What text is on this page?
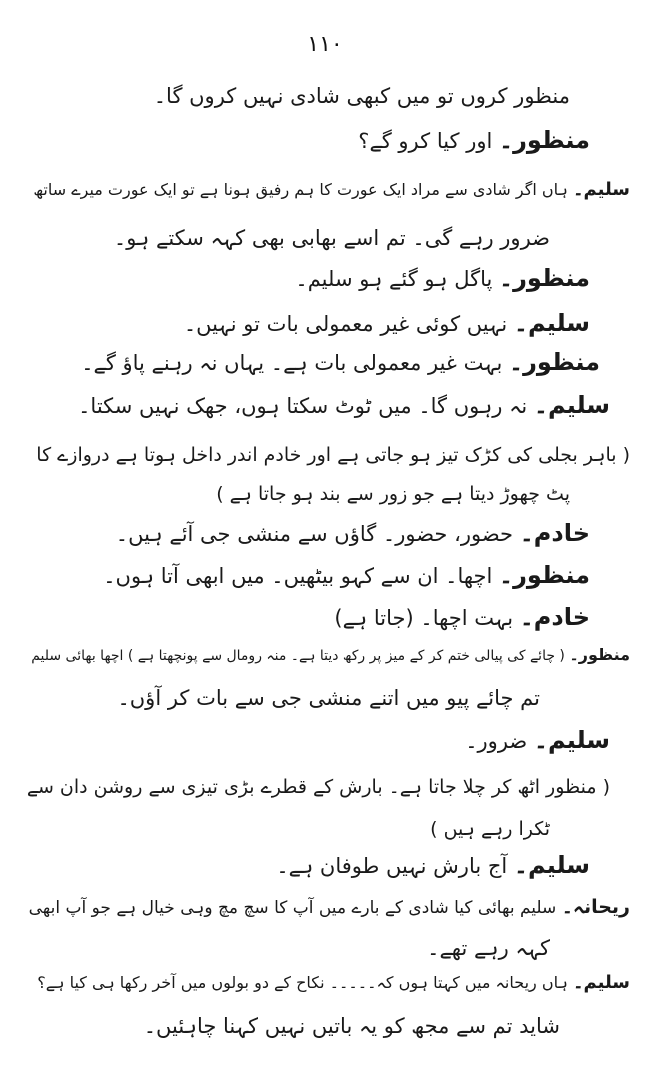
۱۱۰
منظور کروں تو میں کبھی شادی نہیں کروں گا۔
منظور۔ اور کیا کرو گے؟
سلیم۔ ہاں اگر شادی سے مراد ایک عورت کا ہم رفیق ہونا ہے تو ایک عورت میرے ساتھ
ضرور رہے گی۔ تم اسے بھابی بھی کہہ سکتے ہو۔
منظور۔ پاگل ہو گئے ہو سلیم۔
سلیم۔ نہیں کوئی غیر معمولی بات تو نہیں۔
منظور۔ بہت غیر معمولی بات ہے۔ یہاں نہ رہنے پاؤ گے۔
سلیم۔ نہ رہوں گا۔ میں ٹوٹ سکتا ہوں، جھک نہیں سکتا۔
( باہر بجلی کی کڑک تیز ہو جاتی ہے اور خادم اندر داخل ہوتا ہے دروازے کا
پٹ چھوڑ دیتا ہے جو زور سے بند ہو جاتا ہے )
خادم۔ حضور، حضور۔ گاؤں سے منشی جی آئے ہیں۔
منظور۔ اچھا۔ ان سے کہو بیٹھیں۔ میں ابھی آتا ہوں۔
خادم۔ بہت اچھا۔ (جاتا ہے)
منظور۔ ( چائے کی پیالی ختم کر کے میز پر رکھ دیتا ہے۔ منہ رومال سے پونچھتا ہے ) اچھا بھائی سلیم
تم چائے پیو میں اتنے منشی جی سے بات کر آؤں۔
سلیم۔ ضرور۔
( منظور اٹھ کر چلا جاتا ہے۔ بارش کے قطرے بڑی تیزی سے روشن دان سے
ٹکرا رہے ہیں )
سلیم۔ آج بارش نہیں طوفان ہے۔
ریحانہ۔ سلیم بھائی کیا شادی کے بارے میں آپ کا سچ مچ وہی خیال ہے جو آپ ابھی
کہہ رہے تھے۔
سلیم۔ ہاں ریحانہ میں کہتا ہوں کہ۔۔۔۔۔ نکاح کے دو بولوں میں آخر رکھا ہی کیا ہے؟
شاید تم سے مجھ کو یہ باتیں نہیں کہنا چاہئیں۔
